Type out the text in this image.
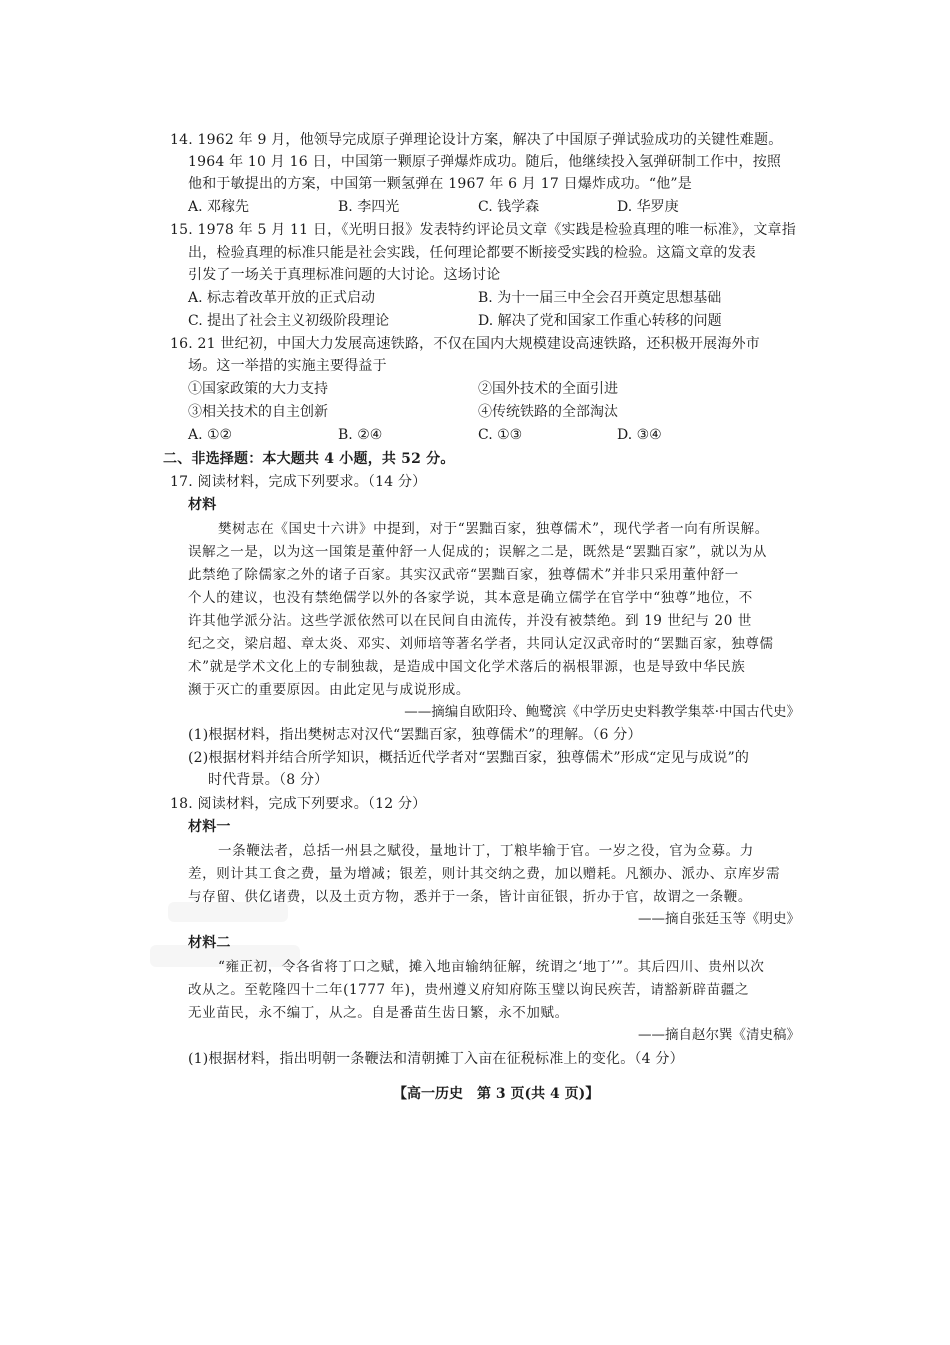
14. 1962 年 9 月，他领导完成原子弹理论设计方案，解决了中国原子弹试验成功的关键性难题。
1964 年 10 月 16 日，中国第一颗原子弹爆炸成功。随后，他继续投入氢弹研制工作中，按照
他和于敏提出的方案，中国第一颗氢弹在 1967 年 6 月 17 日爆炸成功。“他”是
A. 邓稼先	B. 李四光	C. 钱学森	D. 华罗庚
15. 1978 年 5 月 11 日，《光明日报》发表特约评论员文章《实践是检验真理的唯一标准》，文章指
出，检验真理的标准只能是社会实践，任何理论都要不断接受实践的检验。这篇文章的发表
引发了一场关于真理标准问题的大讨论。这场讨论
A. 标志着改革开放的正式启动	B. 为十一届三中全会召开奠定思想基础
C. 提出了社会主义初级阶段理论	D. 解决了党和国家工作重心转移的问题
16. 21 世纪初，中国大力发展高速铁路，不仅在国内大规模建设高速铁路，还积极开展海外市
场。这一举措的实施主要得益于
①国家政策的大力支持	②国外技术的全面引进
③相关技术的自主创新	④传统铁路的全部淘汰
A. ①②	B. ②④	C. ①③	D. ③④
二、非选择题：本大题共 4 小题，共 52 分。
17. 阅读材料，完成下列要求。（14 分）
材料
樊树志在《国史十六讲》中提到，对于“罢黜百家，独尊儒术”，现代学者一向有所误解。
误解之一是，以为这一国策是董仲舒一人促成的；误解之二是，既然是“罢黜百家”，就以为从
此禁绝了除儒家之外的诸子百家。其实汉武帝“罢黜百家，独尊儒术”并非只采用董仲舒一
个人的建议，也没有禁绝儒学以外的各家学说，其本意是确立儒学在官学中“独尊”地位，不
许其他学派分沾。这些学派依然可以在民间自由流传，并没有被禁绝。到 19 世纪与 20 世
纪之交，梁启超、章太炎、邓实、刘师培等著名学者，共同认定汉武帝时的“罢黜百家，独尊儒
术”就是学术文化上的专制独裁，是造成中国文化学术落后的祸根罪源，也是导致中华民族
濒于灭亡的重要原因。由此定见与成说形成。
——摘编自欧阳玲、鲍鹭滨《中学历史史料教学集萃·中国古代史》
(1)根据材料，指出樊树志对汉代“罢黜百家，独尊儒术”的理解。（6 分）
(2)根据材料并结合所学知识，概括近代学者对“罢黜百家，独尊儒术”形成“定见与成说”的
时代背景。（8 分）
18. 阅读材料，完成下列要求。（12 分）
材料一
一条鞭法者，总括一州县之赋役，量地计丁，丁粮毕输于官。一岁之役，官为佥募。力
差，则计其工食之费，量为增减；银差，则计其交纳之费，加以赠耗。凡额办、派办、京库岁需
与存留、供亿诸费，以及土贡方物，悉并于一条，皆计亩征银，折办于官，故谓之一条鞭。
——摘自张廷玉等《明史》
材料二
“雍正初，令各省将丁口之赋，摊入地亩输纳征解，统谓之‘地丁’”。其后四川、贵州以次
改从之。至乾隆四十二年(1777 年)，贵州遵义府知府陈玉璧以询民疾苦，请豁新辟苗疆之
无业苗民，永不编丁，从之。自是番苗生齿日繁，永不加赋。
——摘自赵尔巽《清史稿》
(1)根据材料，指出明朝一条鞭法和清朝摊丁入亩在征税标准上的变化。（4 分）
【高一历史　第 3 页(共 4 页)】
